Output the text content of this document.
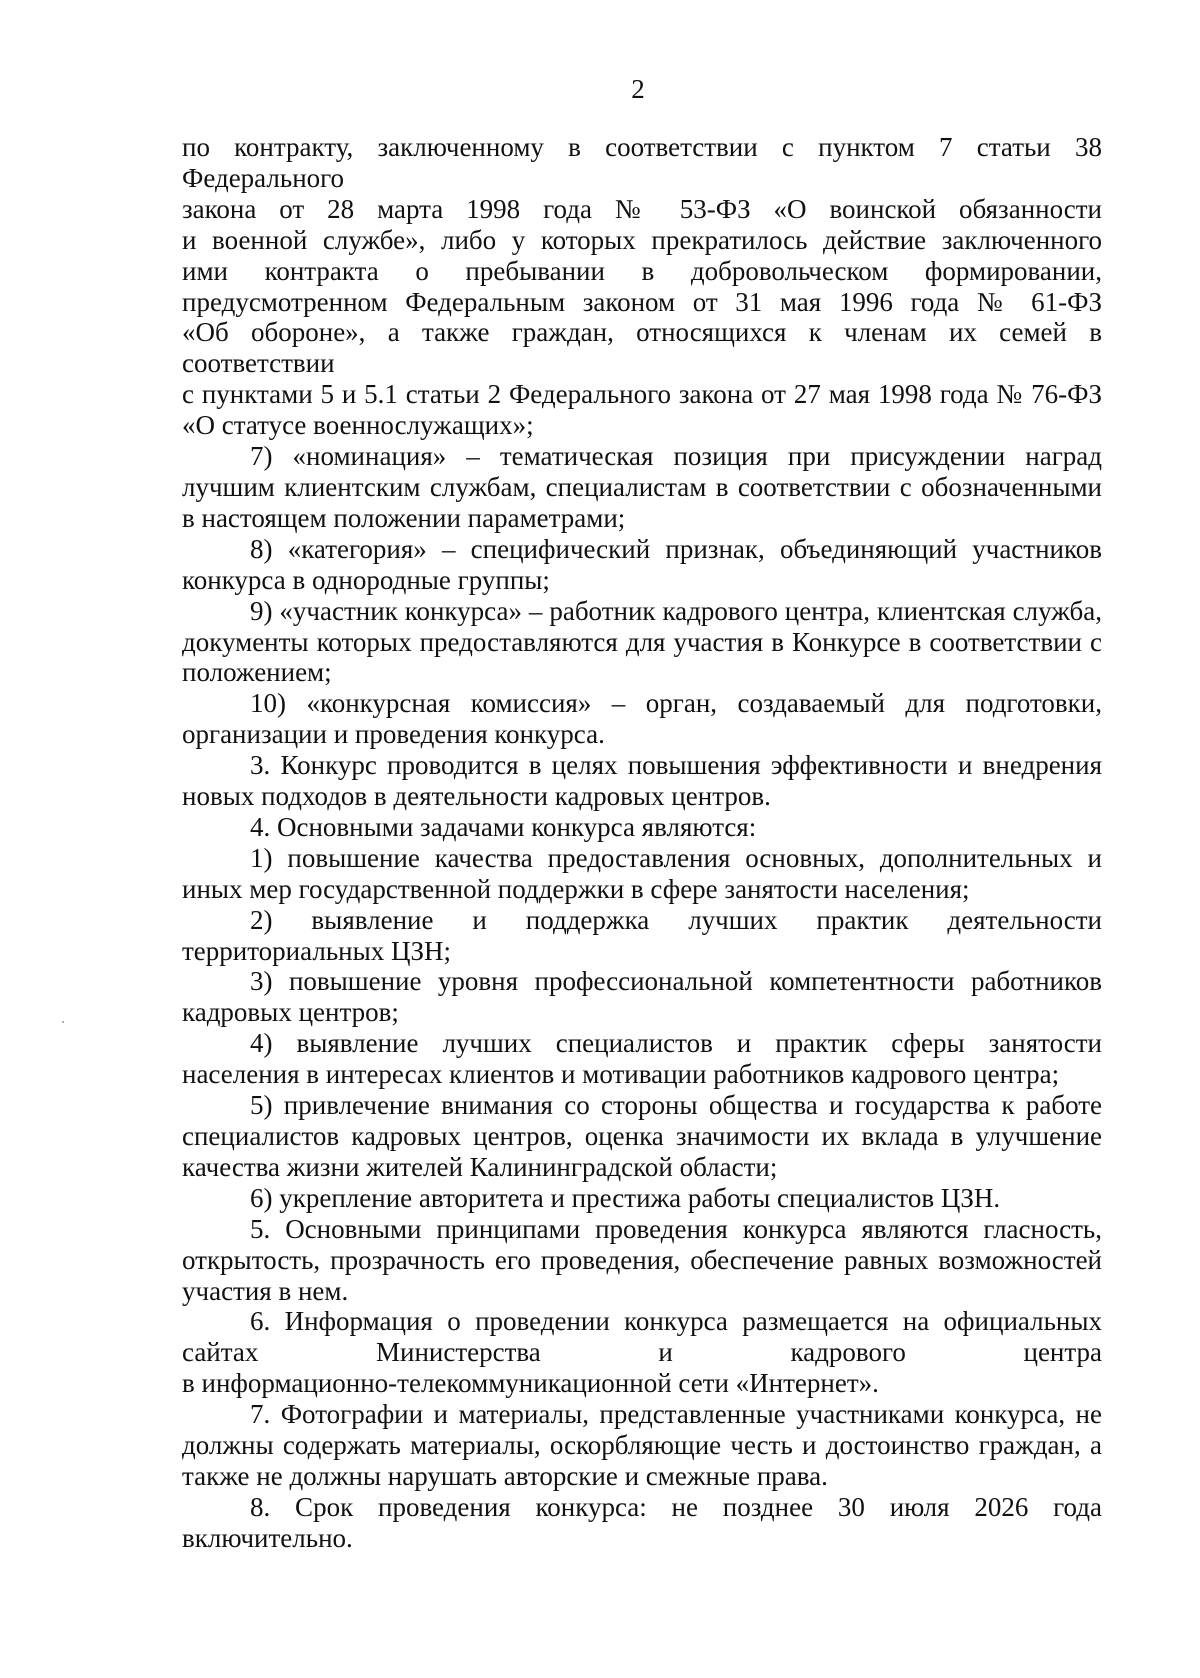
2

по контракту, заключенному в соответствии с пунктом 7 статьи 38 Федерального
закона от 28 марта 1998 года № 53-ФЗ «О воинской обязанности
и военной службе», либо у которых прекратилось действие заключенного
ими контракта о пребывании в добровольческом формировании,
предусмотренном Федеральным законом от 31 мая 1996 года № 61-ФЗ
«Об обороне», а также граждан, относящихся к членам их семей в соответствии
с пунктами 5 и 5.1 статьи 2 Федерального закона от 27 мая 1998 года № 76-ФЗ
«О статусе военнослужащих»;

7) «номинация» – тематическая позиция при присуждении наград лучшим клиентским службам, специалистам в соответствии с обозначенными в настоящем положении параметрами;

8) «категория» – специфический признак, объединяющий участников конкурса в однородные группы;

9) «участник конкурса» – работник кадрового центра, клиентская служба, документы которых предоставляются для участия в Конкурсе в соответствии с положением;

10) «конкурсная комиссия» – орган, создаваемый для подготовки, организации и проведения конкурса.

3. Конкурс проводится в целях повышения эффективности и внедрения новых подходов в деятельности кадровых центров.

4. Основными задачами конкурса являются:

1) повышение качества предоставления основных, дополнительных и иных мер государственной поддержки в сфере занятости населения;

2) выявление и поддержка лучших практик деятельности территориальных ЦЗН;

3) повышение уровня профессиональной компетентности работников кадровых центров;

4) выявление лучших специалистов и практик сферы занятости населения в интересах клиентов и мотивации работников кадрового центра;

5) привлечение внимания со стороны общества и государства к работе специалистов кадровых центров, оценка значимости их вклада в улучшение качества жизни жителей Калининградской области;

6) укрепление авторитета и престижа работы специалистов ЦЗН.

5. Основными принципами проведения конкурса являются гласность, открытость, прозрачность его проведения, обеспечение равных возможностей участия в нем.

6. Информация о проведении конкурса размещается на официальных
сайтах Министерства и кадрового центра
в информационно-телекоммуникационной сети «Интернет».

7. Фотографии и материалы, представленные участниками конкурса, не должны содержать материалы, оскорбляющие честь и достоинство граждан, а также не должны нарушать авторские и смежные права.

8. Срок проведения конкурса: не позднее 30 июля 2026 года включительно.
